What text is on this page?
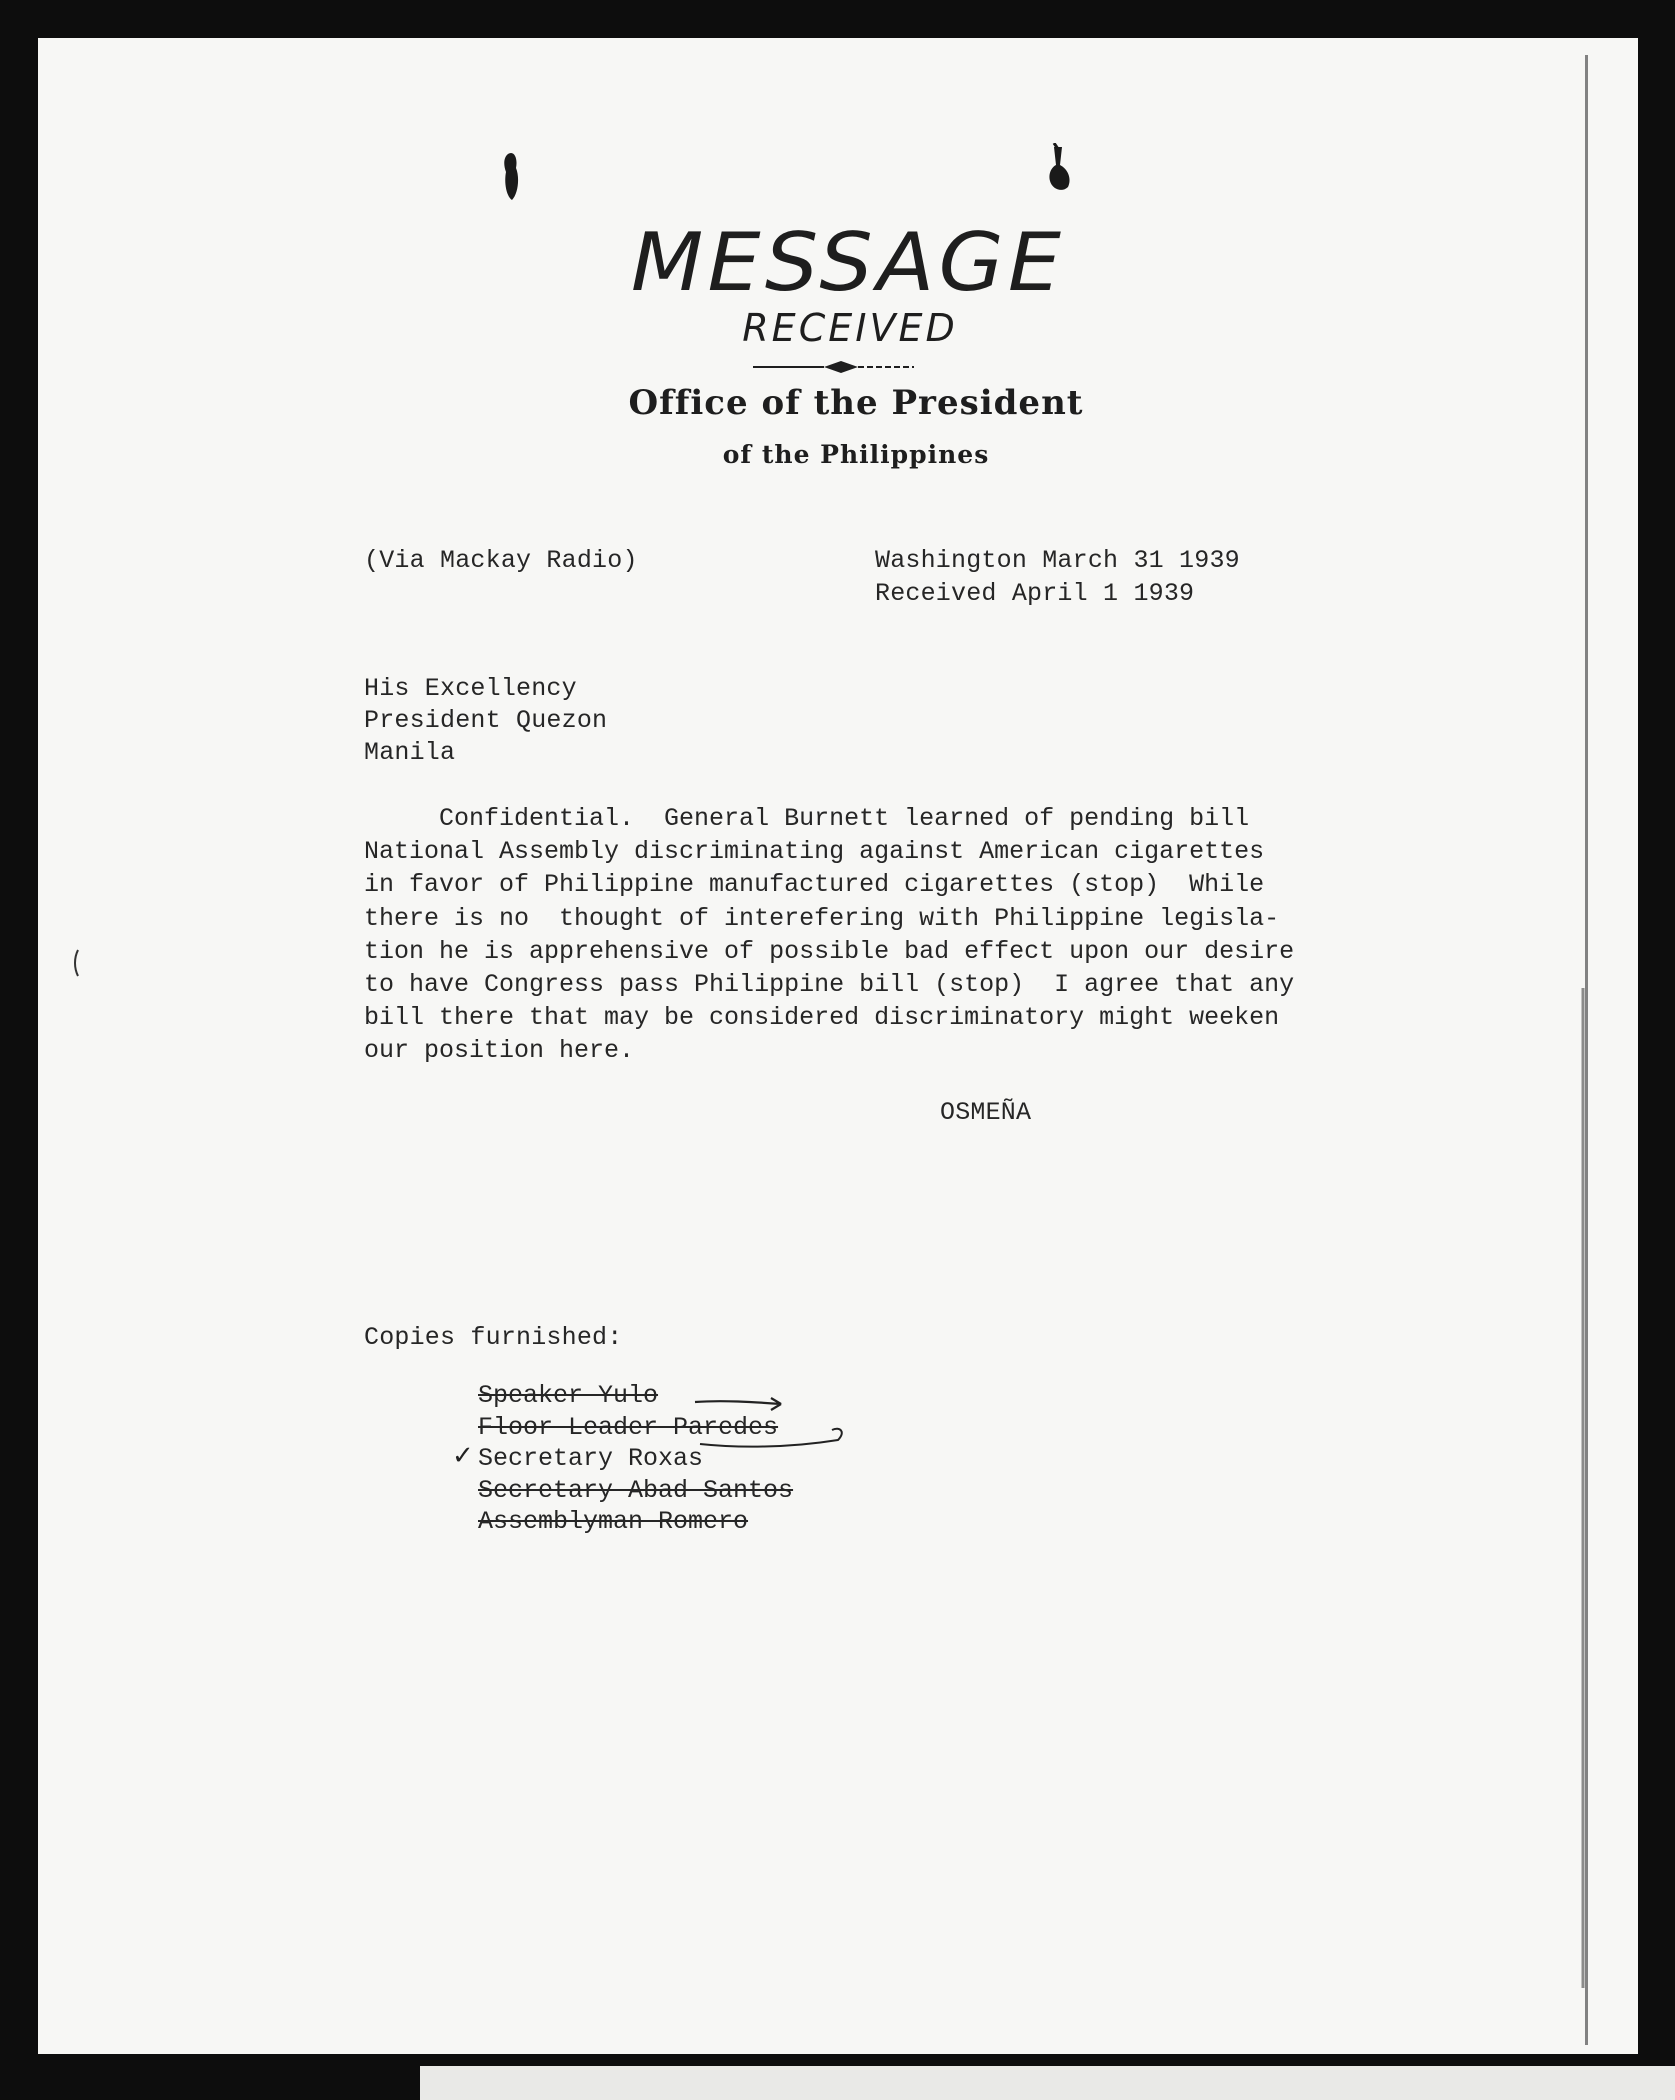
MESSAGE
RECEIVED
Office of the President
of the Philippines
(Via Mackay Radio)	Washington March 31 1939
Received April 1 1939
His Excellency
President Quezon
Manila
Confidential.  General Burnett learned of pending bill
National Assembly discriminating against American cigarettes
in favor of Philippine manufactured cigarettes (stop)  While
there is no  thought of interefering with Philippine legisla-
tion he is apprehensive of possible bad effect upon our desire
to have Congress pass Philippine bill (stop)  I agree that any
bill there that may be considered discriminatory might weeken
our position here.
OSMEÑA
Copies furnished:
Speaker Yulo
Floor Leader Paredes
✓ Secretary Roxas
Secretary Abad Santos
Assemblyman Romero
